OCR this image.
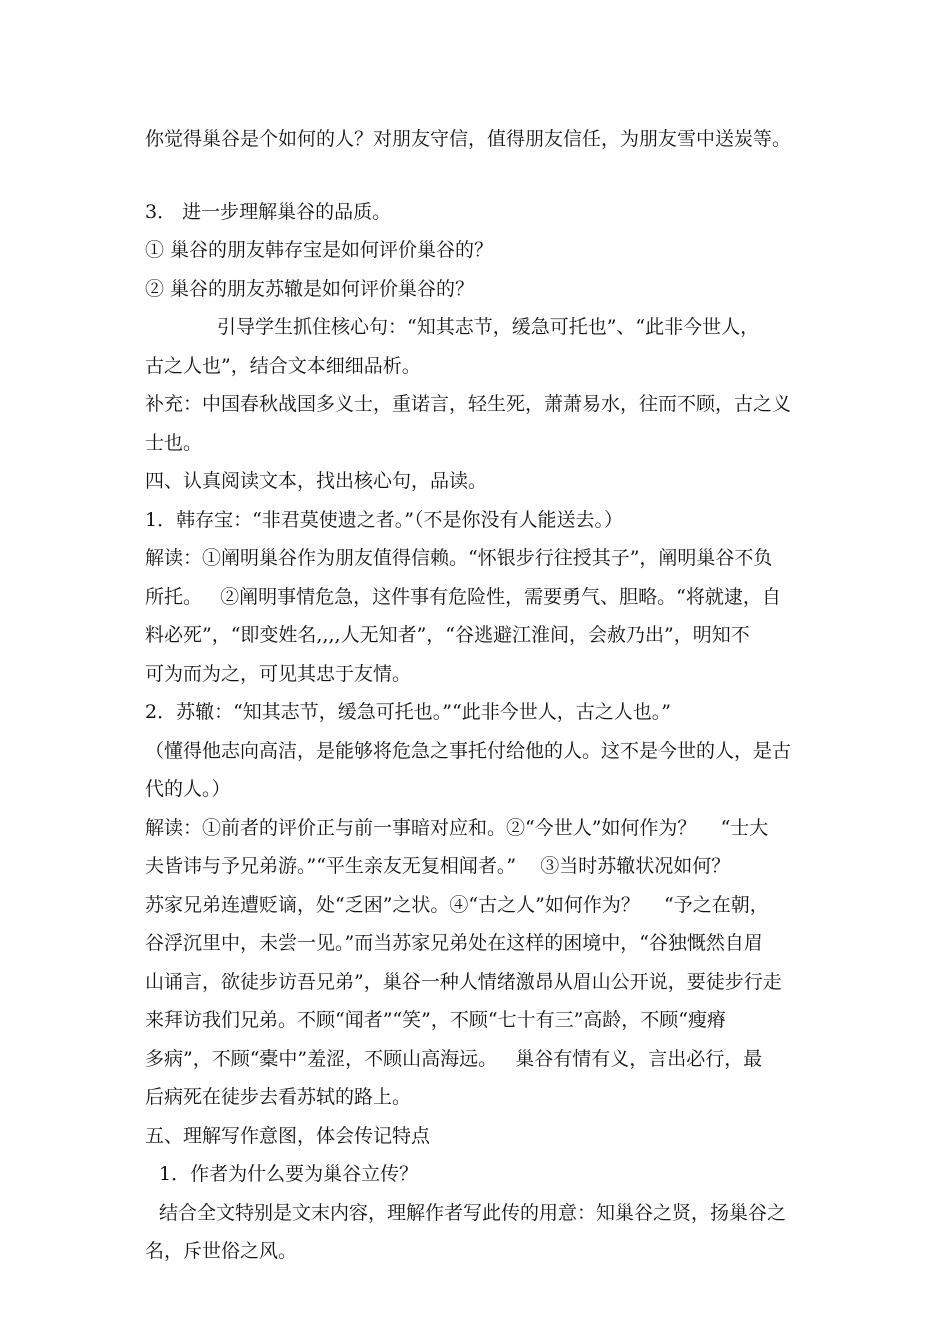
你觉得巢谷是个如何的人？对朋友守信，值得朋友信任，为朋友雪中送炭等。
3． 进一步理解巢谷的品质。
① 巢谷的朋友韩存宝是如何评价巢谷的？
② 巢谷的朋友苏辙是如何评价巢谷的？
引导学生抓住核心句：“知其志节，缓急可托也”、“此非今世人，
古之人也”，结合文本细细品析。
补充：中国春秋战国多义士，重诺言，轻生死，萧萧易水，往而不顾，古之义
士也。
四、认真阅读文本，找出核心句，品读。
1．韩存宝：“非君莫使遗之者。”（不是你没有人能送去。）
解读：①阐明巢谷作为朋友值得信赖。“怀银步行往授其子”，阐明巢谷不负
所托。   ②阐明事情危急，这件事有危险性，需要勇气、胆略。“将就逮，自
料必死”，“即变姓名,,,,人无知者”，“谷逃避江淮间，会赦乃出”，明知不
可为而为之，可见其忠于友情。
2．苏辙：“知其志节，缓急可托也。”“此非今世人，古之人也。”
（懂得他志向高洁，是能够将危急之事托付给他的人。这不是今世的人，是古
代的人。）
解读：①前者的评价正与前一事暗对应和。②“今世人”如何作为？    “士大
夫皆讳与予兄弟游。”“平生亲友无复相闻者。”    ③当时苏辙状况如何？
苏家兄弟连遭贬谪，处“乏困”之状。④“古之人”如何作为？    “予之在朝，
谷浮沉里中，未尝一见。”而当苏家兄弟处在这样的困境中，“谷独慨然自眉
山诵言，欲徒步访吾兄弟”，巢谷一种人情绪激昂从眉山公开说，要徒步行走
来拜访我们兄弟。不顾“闻者”“笑”，不顾“七十有三”高龄，不顾“瘦瘠
多病”，不顾“橐中”羞涩，不顾山高海远。   巢谷有情有义，言出必行，最
后病死在徒步去看苏轼的路上。
五、理解写作意图，体会传记特点
1．作者为什么要为巢谷立传？
结合全文特别是文末内容，理解作者写此传的用意：知巢谷之贤，扬巢谷之
名，斥世俗之风。
